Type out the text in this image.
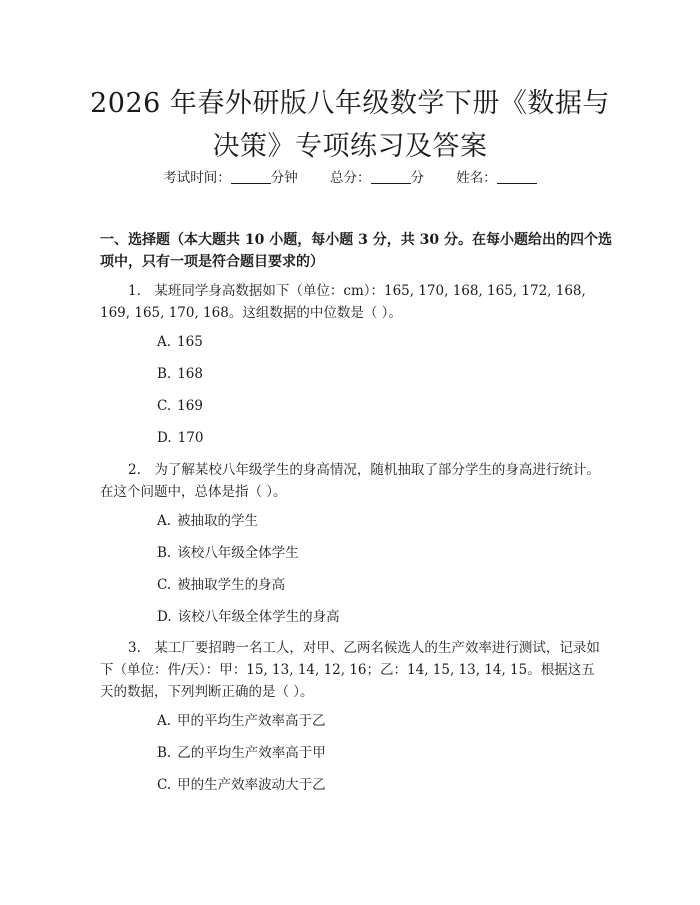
2026 年春外研版八年级数学下册《数据与决策》专项练习及答案
考试时间：	分钟 总分：	分 姓名：
一、选择题（本大题共 10 小题，每小题 3 分，共 30 分。在每小题给出的四个选项中，只有一项是符合题目要求的）
1.　某班同学身高数据如下（单位：cm）：165, 170, 168, 165, 172, 168, 169, 165, 170, 168。这组数据的中位数是（ ）。
A. 165
B. 168
C. 169
D. 170
2.　为了解某校八年级学生的身高情况，随机抽取了部分学生的身高进行统计。在这个问题中，总体是指（ ）。
A. 被抽取的学生
B. 该校八年级全体学生
C. 被抽取学生的身高
D. 该校八年级全体学生的身高
3.　某工厂要招聘一名工人，对甲、乙两名候选人的生产效率进行测试，记录如下（单位：件/天）：甲：15, 13, 14, 12, 16；乙：14, 15, 13, 14, 15。根据这五天的数据，下列判断正确的是（ ）。
A. 甲的平均生产效率高于乙
B. 乙的平均生产效率高于甲
C. 甲的生产效率波动大于乙
